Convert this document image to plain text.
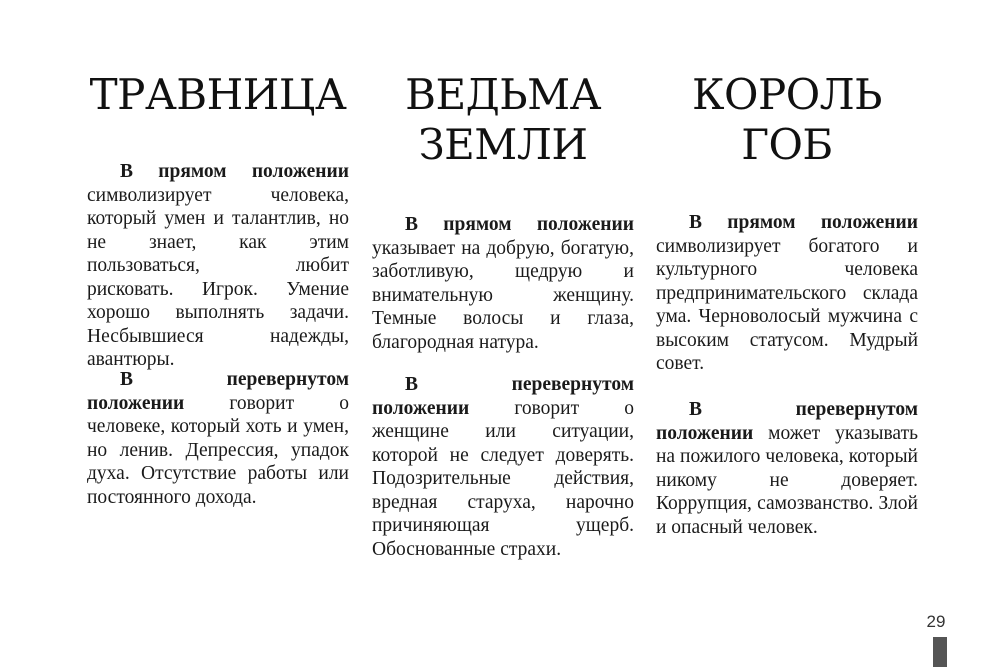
ТРАВНИЦА

В прямом положении символизирует человека, который умен и талантлив, но не знает, как этим пользоваться, любит рисковать. Игрок. Умение хорошо выполнять задачи. Несбывшиеся надежды, авантюры.

В перевернутом положении говорит о человеке, который хоть и умен, но ленив. Депрессия, упадок духа. Отсутствие работы или постоянного дохода.

ВЕДЬМА
ЗЕМЛИ

В прямом положении указывает на добрую, богатую, заботливую, щедрую и внимательную женщину. Темные волосы и глаза, благородная натура.

В перевернутом положении говорит о женщине или ситуации, которой не следует доверять. Подозрительные действия, вредная старуха, нарочно причиняющая ущерб. Обоснованные страхи.

КОРОЛЬ
ГОБ

В прямом положении символизирует богатого и культурного человека предпринимательского склада ума. Черноволосый мужчина с высоким статусом. Мудрый совет.

В перевернутом положении может указывать на пожилого человека, который никому не доверяет. Коррупция, самозванство. Злой и опасный человек.

29
